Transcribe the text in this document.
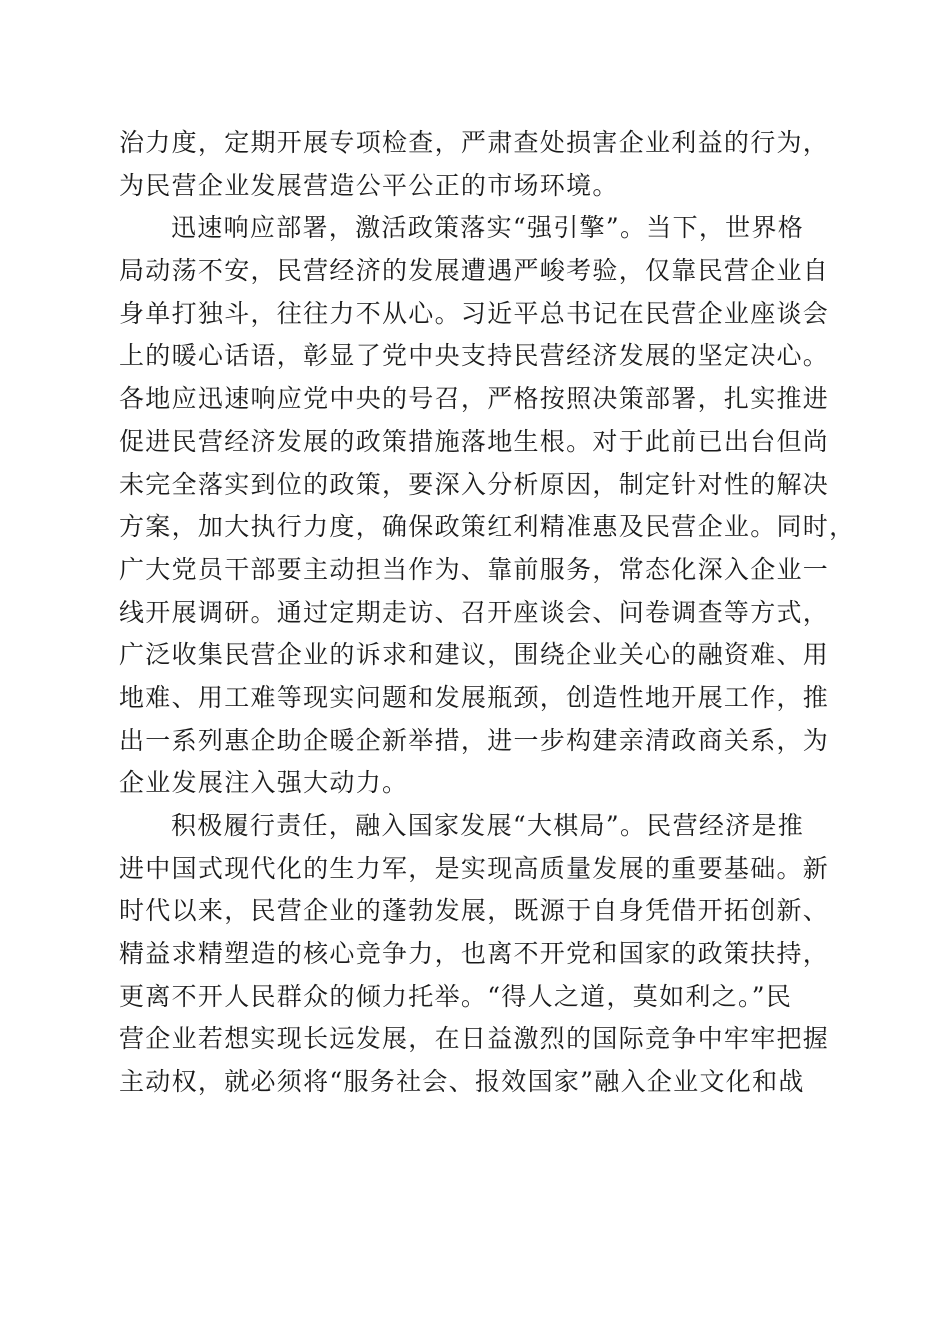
治力度，定期开展专项检查，严肃查处损害企业利益的行为，
为民营企业发展营造公平公正的市场环境。
迅速响应部署，激活政策落实“强引擎”。当下，世界格
局动荡不安，民营经济的发展遭遇严峻考验，仅靠民营企业自
身单打独斗，往往力不从心。习近平总书记在民营企业座谈会
上的暖心话语，彰显了党中央支持民营经济发展的坚定决心。
各地应迅速响应党中央的号召，严格按照决策部署，扎实推进
促进民营经济发展的政策措施落地生根。对于此前已出台但尚
未完全落实到位的政策，要深入分析原因，制定针对性的解决
方案，加大执行力度，确保政策红利精准惠及民营企业。同时，
广大党员干部要主动担当作为、靠前服务，常态化深入企业一
线开展调研。通过定期走访、召开座谈会、问卷调查等方式，
广泛收集民营企业的诉求和建议，围绕企业关心的融资难、用
地难、用工难等现实问题和发展瓶颈，创造性地开展工作，推
出一系列惠企助企暖企新举措，进一步构建亲清政商关系，为
企业发展注入强大动力。
积极履行责任，融入国家发展“大棋局”。民营经济是推
进中国式现代化的生力军，是实现高质量发展的重要基础。新
时代以来，民营企业的蓬勃发展，既源于自身凭借开拓创新、
精益求精塑造的核心竞争力，也离不开党和国家的政策扶持，
更离不开人民群众的倾力托举。“得人之道，莫如利之。”民
营企业若想实现长远发展，在日益激烈的国际竞争中牢牢把握
主动权，就必须将“服务社会、报效国家”融入企业文化和战
